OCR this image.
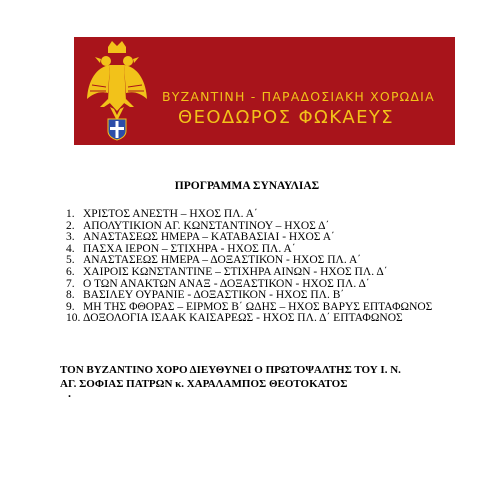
ΒΥΖΑΝΤΙΝΗ - ΠΑΡΑΔΟΣΙΑΚΗ ΧΟΡΩΔΙΑ
ΘΕΟΔΩΡΟΣ ΦΩΚΑΕΥΣ
ΠΡΟΓΡΑΜΜΑ ΣΥΝΑΥΛΙΑΣ
1. ΧΡΙΣΤΟΣ ΑΝΕΣΤΗ – ΗΧΟΣ ΠΛ. Α΄
2. ΑΠΟΛΥΤΙΚΙΟΝ ΑΓ. ΚΩΝΣΤΑΝΤΙΝΟΥ – ΗΧΟΣ Δ΄
3. ΑΝΑΣΤΑΣΕΩΣ ΗΜΕΡΑ – ΚΑΤΑΒΑΣΙΑΙ - ΗΧΟΣ Α΄
4. ΠΑΣΧΑ ΙΕΡΟΝ – ΣΤΙΧΗΡΑ - ΗΧΟΣ ΠΛ. Α΄
5. ΑΝΑΣΤΑΣΕΩΣ ΗΜΕΡΑ – ΔΟΞΑΣΤΙΚΟΝ - ΗΧΟΣ ΠΛ. Α΄
6. ΧΑΙΡΟΙΣ ΚΩΝΣΤΑΝΤΙΝΕ – ΣΤΙΧΗΡΑ ΑΙΝΩΝ - ΗΧΟΣ ΠΛ. Δ΄
7. Ο ΤΩΝ ΑΝΑΚΤΩΝ ΑΝΑΞ - ΔΟΞΑΣΤΙΚΟΝ - ΗΧΟΣ ΠΛ. Δ΄
8. ΒΑΣΙΛΕΥ ΟΥΡΑΝΙΕ - ΔΟΞΑΣΤΙΚΟΝ - ΗΧΟΣ ΠΛ. Β΄
9. ΜΗ ΤΗΣ ΦΘΟΡΑΣ – ΕΙΡΜΟΣ Β΄ ΩΔΗΣ – ΗΧΟΣ ΒΑΡΥΣ ΕΠΤΑΦΩΝΟΣ
10. ΔΟΞΟΛΟΓΙΑ ΙΣΑΑΚ ΚΑΙΣΑΡΕΩΣ - ΗΧΟΣ ΠΛ. Δ΄ ΕΠΤΑΦΩΝΟΣ
ΤΟΝ ΒΥΖΑΝΤΙΝΟ ΧΟΡΟ ΔΙΕΥΘΥΝΕΙ Ο ΠΡΩΤΟΨΑΛΤΗΣ ΤΟΥ Ι. Ν.
ΑΓ. ΣΟΦΙΑΣ ΠΑΤΡΩΝ κ. ΧΑΡΑΛΑΜΠΟΣ ΘΕΟΤΟΚΑΤΟΣ
.
